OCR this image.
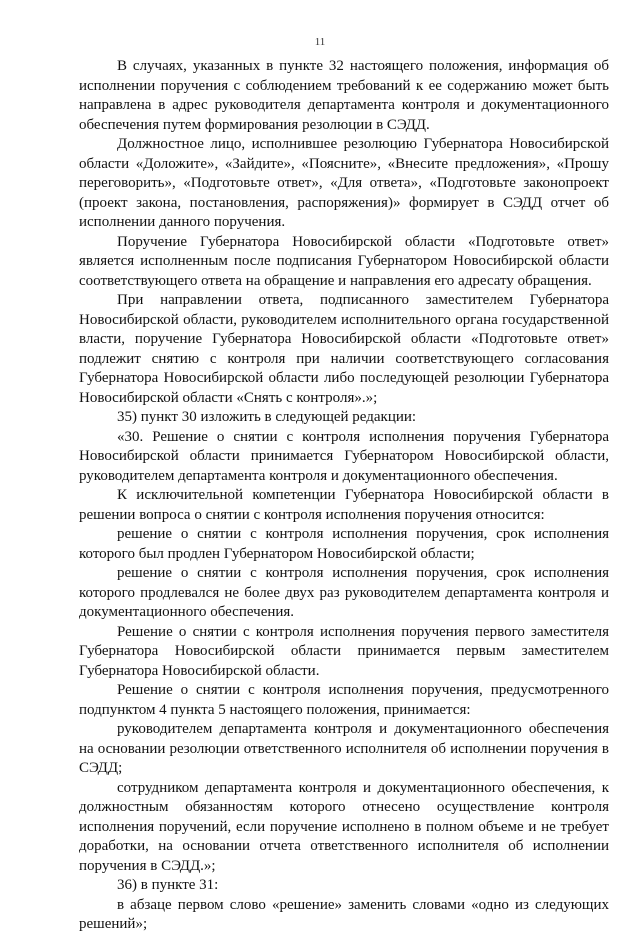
11

В случаях, указанных в пункте 32 настоящего положения, информация об исполнении поручения с соблюдением требований к ее содержанию может быть направлена в адрес руководителя департамента контроля и документационного обеспечения путем формирования резолюции в СЭДД.

Должностное лицо, исполнившее резолюцию Губернатора Новосибирской области «Доложите», «Зайдите», «Поясните», «Внесите предложения», «Прошу переговорить», «Подготовьте ответ», «Для ответа», «Подготовьте законопроект (проект закона, постановления, распоряжения)» формирует в СЭДД отчет об исполнении данного поручения.

Поручение Губернатора Новосибирской области «Подготовьте ответ» является исполненным после подписания Губернатором Новосибирской области соответствующего ответа на обращение и направления его адресату обращения.

При направлении ответа, подписанного заместителем Губернатора Новосибирской области, руководителем исполнительного органа государственной власти, поручение Губернатора Новосибирской области «Подготовьте ответ» подлежит снятию с контроля при наличии соответствующего согласования Губернатора Новосибирской области либо последующей резолюции Губернатора Новосибирской области «Снять с контроля».»;

35) пункт 30 изложить в следующей редакции:

«30. Решение о снятии с контроля исполнения поручения Губернатора Новосибирской области принимается Губернатором Новосибирской области, руководителем департамента контроля и документационного обеспечения.

К исключительной компетенции Губернатора Новосибирской области в решении вопроса о снятии с контроля исполнения поручения относится:

решение о снятии с контроля исполнения поручения, срок исполнения которого был продлен Губернатором Новосибирской области;

решение о снятии с контроля исполнения поручения, срок исполнения которого продлевался не более двух раз руководителем департамента контроля и документационного обеспечения.

Решение о снятии с контроля исполнения поручения первого заместителя Губернатора Новосибирской области принимается первым заместителем Губернатора Новосибирской области.

Решение о снятии с контроля исполнения поручения, предусмотренного подпунктом 4 пункта 5 настоящего положения, принимается:

руководителем департамента контроля и документационного обеспечения на основании резолюции ответственного исполнителя об исполнении поручения в СЭДД;

сотрудником департамента контроля и документационного обеспечения, к должностным обязанностям которого отнесено осуществление контроля исполнения поручений, если поручение исполнено в полном объеме и не требует доработки, на основании отчета ответственного исполнителя об исполнении поручения в СЭДД.»;

36) в пункте 31:

в абзаце первом слово «решение» заменить словами «одно из следующих решений»;
